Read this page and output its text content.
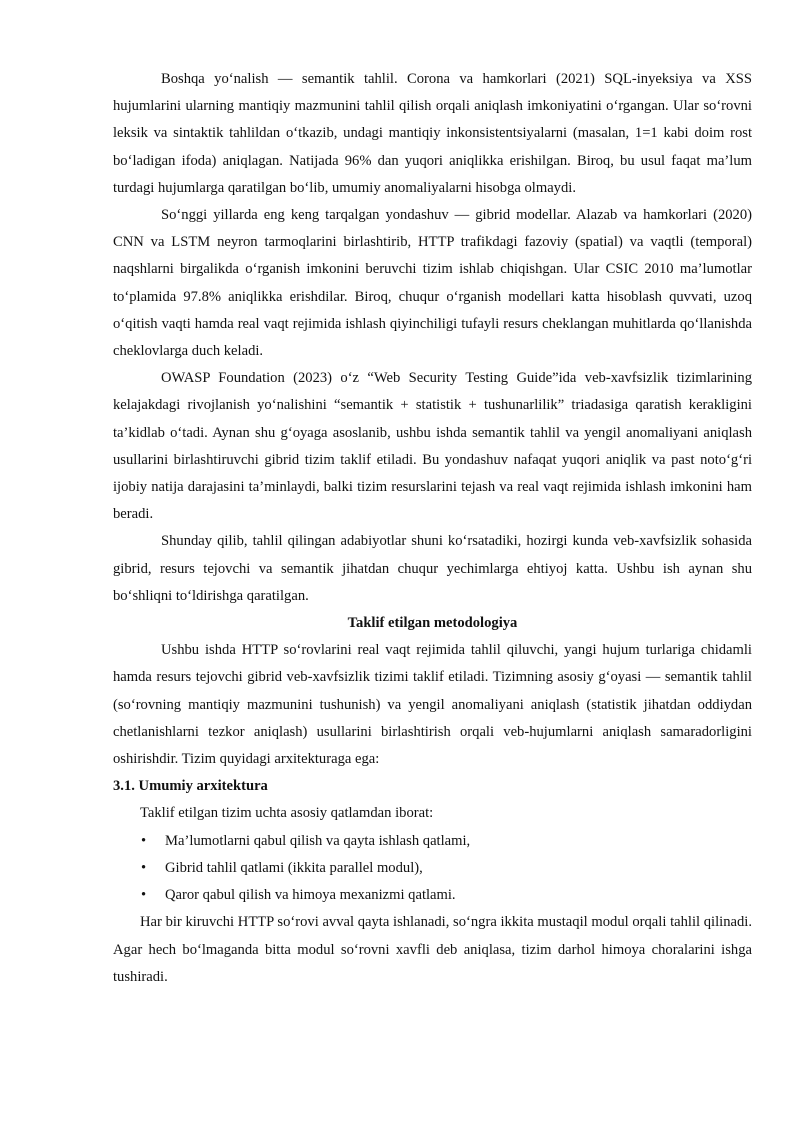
Boshqa yo‘nalish — semantik tahlil. Corona va hamkorlari (2021) SQL-inyeksiya va XSS hujumlarini ularning mantiqiy mazmunini tahlil qilish orqali aniqlash imkoniyatini o‘rgangan. Ular so‘rovni leksik va sintaktik tahlildan o‘tkazib, undagi mantiqiy inkonsistentsiyalarni (masalan, 1=1 kabi doim rost bo‘ladigan ifoda) aniqlagan. Natijada 96% dan yuqori aniqlikka erishilgan. Biroq, bu usul faqat ma’lum turdagi hujumlarga qaratilgan bo‘lib, umumiy anomaliyalarni hisobga olmaydi.

So‘nggi yillarda eng keng tarqalgan yondashuv — gibrid modellar. Alazab va hamkorlari (2020) CNN va LSTM neyron tarmoqlarini birlashtirib, HTTP trafikdagi fazoviy (spatial) va vaqtli (temporal) naqshlarni birgalikda o‘rganish imkonini beruvchi tizim ishlab chiqishgan. Ular CSIC 2010 ma’lumotlar to‘plamida 97.8% aniqlikka erishdilar. Biroq, chuqur o‘rganish modellari katta hisoblash quvvati, uzoq o‘qitish vaqti hamda real vaqt rejimida ishlash qiyinchiligi tufayli resurs cheklangan muhitlarda qo‘llanishda cheklovlarga duch keladi.

OWASP Foundation (2023) o‘z “Web Security Testing Guide”ida veb-xavfsizlik tizimlarining kelajakdagi rivojlanish yo‘nalishini “semantik + statistik + tushunarlilik” triadasiga qaratish kerakligini ta’kidlab o‘tadi. Aynan shu g‘oyaga asoslanib, ushbu ishda semantik tahlil va yengil anomaliyani aniqlash usullarini birlashtiruvchi gibrid tizim taklif etiladi. Bu yondashuv nafaqat yuqori aniqlik va past noto‘g‘ri ijobiy natija darajasini ta’minlaydi, balki tizim resurslarini tejash va real vaqt rejimida ishlash imkonini ham beradi.

Shunday qilib, tahlil qilingan adabiyotlar shuni ko‘rsatadiki, hozirgi kunda veb-xavfsizlik sohasida gibrid, resurs tejovchi va semantik jihatdan chuqur yechimlarga ehtiyoj katta. Ushbu ish aynan shu bo‘shliqni to‘ldirishga qaratilgan.

Taklif etilgan metodologiya

Ushbu ishda HTTP so‘rovlarini real vaqt rejimida tahlil qiluvchi, yangi hujum turlariga chidamli hamda resurs tejovchi gibrid veb-xavfsizlik tizimi taklif etiladi. Tizimning asosiy g‘oyasi — semantik tahlil (so‘rovning mantiqiy mazmunini tushunish) va yengil anomaliyani aniqlash (statistik jihatdan oddiydan chetlanishlarni tezkor aniqlash) usullarini birlashtirish orqali veb-hujumlarni aniqlash samaradorligini oshirishdir. Tizim quyidagi arxitekturaga ega:

3.1. Umumiy arxitektura

Taklif etilgan tizim uchta asosiy qatlamdan iborat:

• Ma’lumotlarni qabul qilish va qayta ishlash qatlami,
• Gibrid tahlil qatlami (ikkita parallel modul),
• Qaror qabul qilish va himoya mexanizmi qatlami.

Har bir kiruvchi HTTP so‘rovi avval qayta ishlanadi, so‘ngra ikkita mustaqil modul orqali tahlil qilinadi. Agar hech bo‘lmaganda bitta modul so‘rovni xavfli deb aniqlasa, tizim darhol himoya choralarini ishga tushiradi.
